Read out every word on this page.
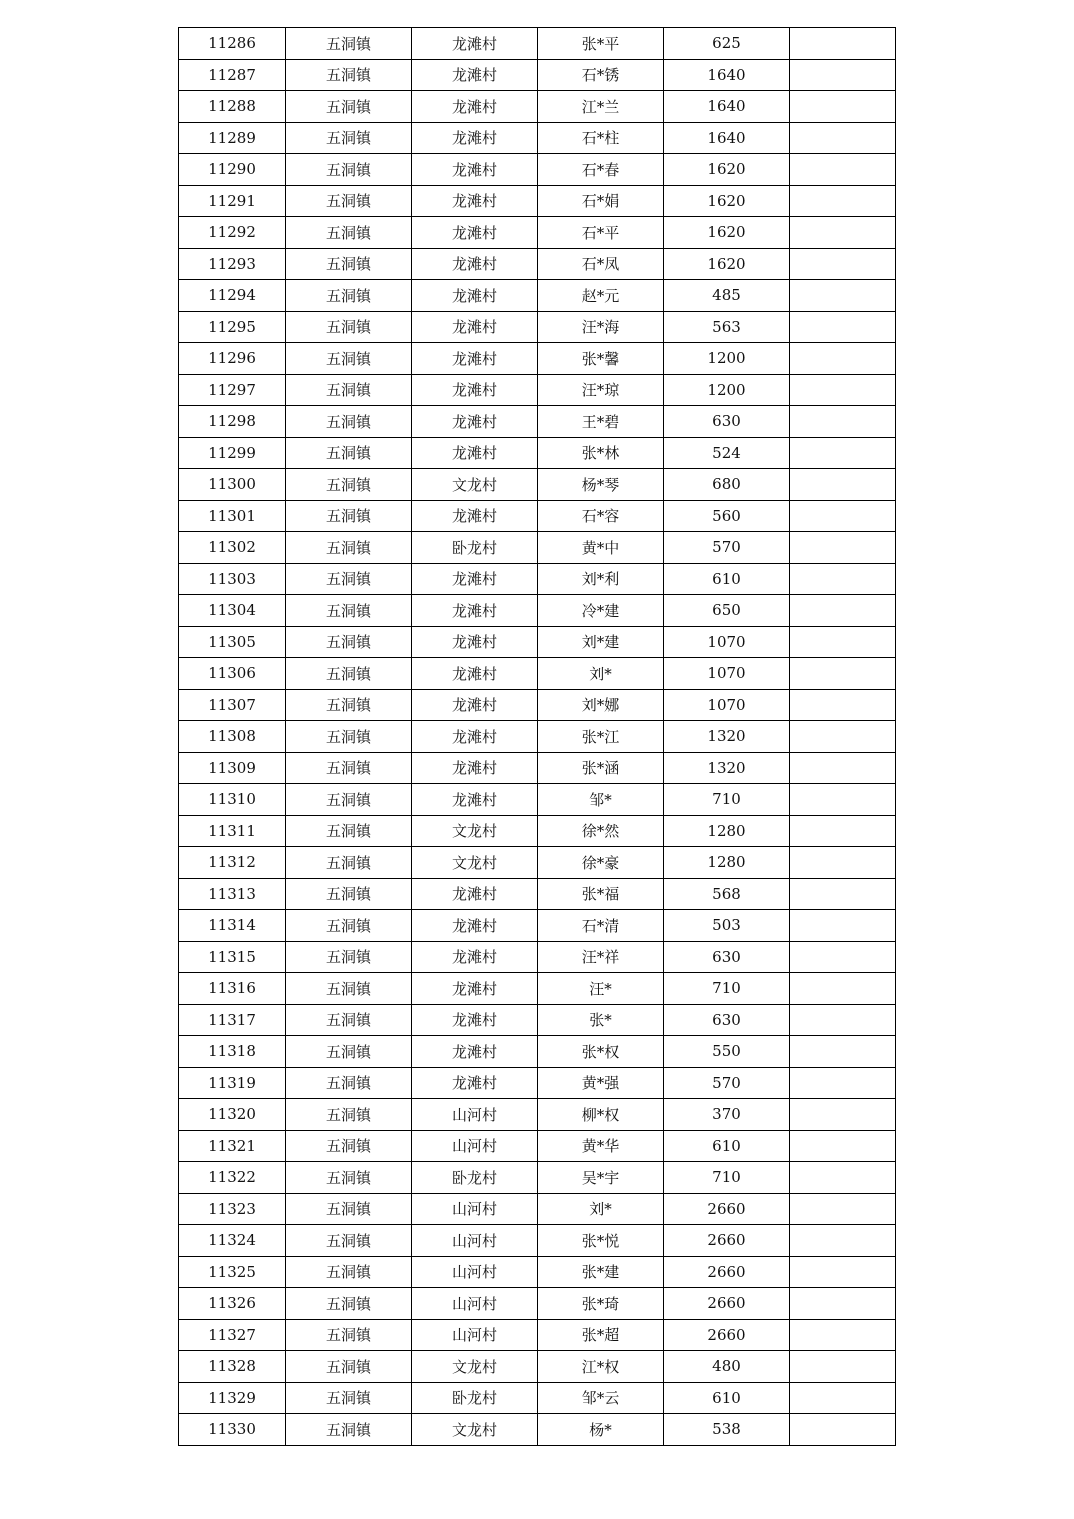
11286	五洞镇	龙滩村	张*平	625	
11287	五洞镇	龙滩村	石*锈	1640	
11288	五洞镇	龙滩村	江*兰	1640	
11289	五洞镇	龙滩村	石*柱	1640	
11290	五洞镇	龙滩村	石*春	1620	
11291	五洞镇	龙滩村	石*娟	1620	
11292	五洞镇	龙滩村	石*平	1620	
11293	五洞镇	龙滩村	石*凤	1620	
11294	五洞镇	龙滩村	赵*元	485	
11295	五洞镇	龙滩村	汪*海	563	
11296	五洞镇	龙滩村	张*馨	1200	
11297	五洞镇	龙滩村	汪*琼	1200	
11298	五洞镇	龙滩村	王*碧	630	
11299	五洞镇	龙滩村	张*林	524	
11300	五洞镇	文龙村	杨*琴	680	
11301	五洞镇	龙滩村	石*容	560	
11302	五洞镇	卧龙村	黄*中	570	
11303	五洞镇	龙滩村	刘*利	610	
11304	五洞镇	龙滩村	冷*建	650	
11305	五洞镇	龙滩村	刘*建	1070	
11306	五洞镇	龙滩村	刘*	1070	
11307	五洞镇	龙滩村	刘*娜	1070	
11308	五洞镇	龙滩村	张*江	1320	
11309	五洞镇	龙滩村	张*涵	1320	
11310	五洞镇	龙滩村	邹*	710	
11311	五洞镇	文龙村	徐*然	1280	
11312	五洞镇	文龙村	徐*豪	1280	
11313	五洞镇	龙滩村	张*福	568	
11314	五洞镇	龙滩村	石*清	503	
11315	五洞镇	龙滩村	汪*祥	630	
11316	五洞镇	龙滩村	汪*	710	
11317	五洞镇	龙滩村	张*	630	
11318	五洞镇	龙滩村	张*权	550	
11319	五洞镇	龙滩村	黄*强	570	
11320	五洞镇	山河村	柳*权	370	
11321	五洞镇	山河村	黄*华	610	
11322	五洞镇	卧龙村	吴*宇	710	
11323	五洞镇	山河村	刘*	2660	
11324	五洞镇	山河村	张*悦	2660	
11325	五洞镇	山河村	张*建	2660	
11326	五洞镇	山河村	张*琦	2660	
11327	五洞镇	山河村	张*超	2660	
11328	五洞镇	文龙村	江*权	480	
11329	五洞镇	卧龙村	邹*云	610	
11330	五洞镇	文龙村	杨*	538	
